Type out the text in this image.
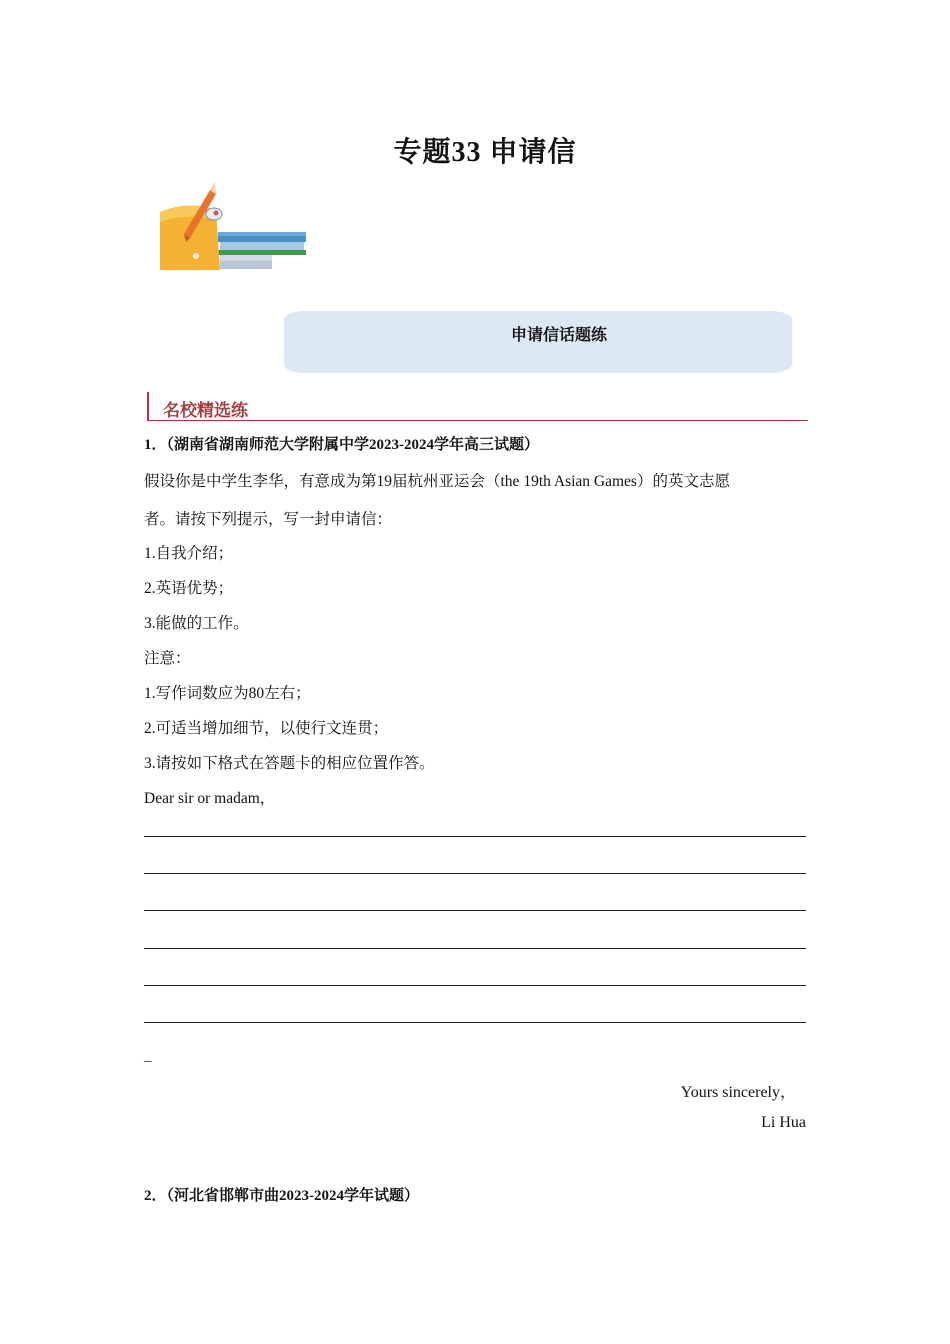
专题33 申请信
申请信话题练
名校精选练
1．（湖南省湖南师范大学附属中学2023-2024学年高三试题）
假设你是中学生李华，有意成为第19届杭州亚运会（the 19th Asian Games）的英文志愿
者。请按下列提示，写一封申请信：
1.自我介绍；
2.英语优势；
3.能做的工作。
注意：
1.写作词数应为80左右；
2.可适当增加细节，以使行文连贯；
3.请按如下格式在答题卡的相应位置作答。
Dear sir or madam，
_
Yours sincerely，
Li Hua
2．（河北省邯郸市曲2023-2024学年试题）
